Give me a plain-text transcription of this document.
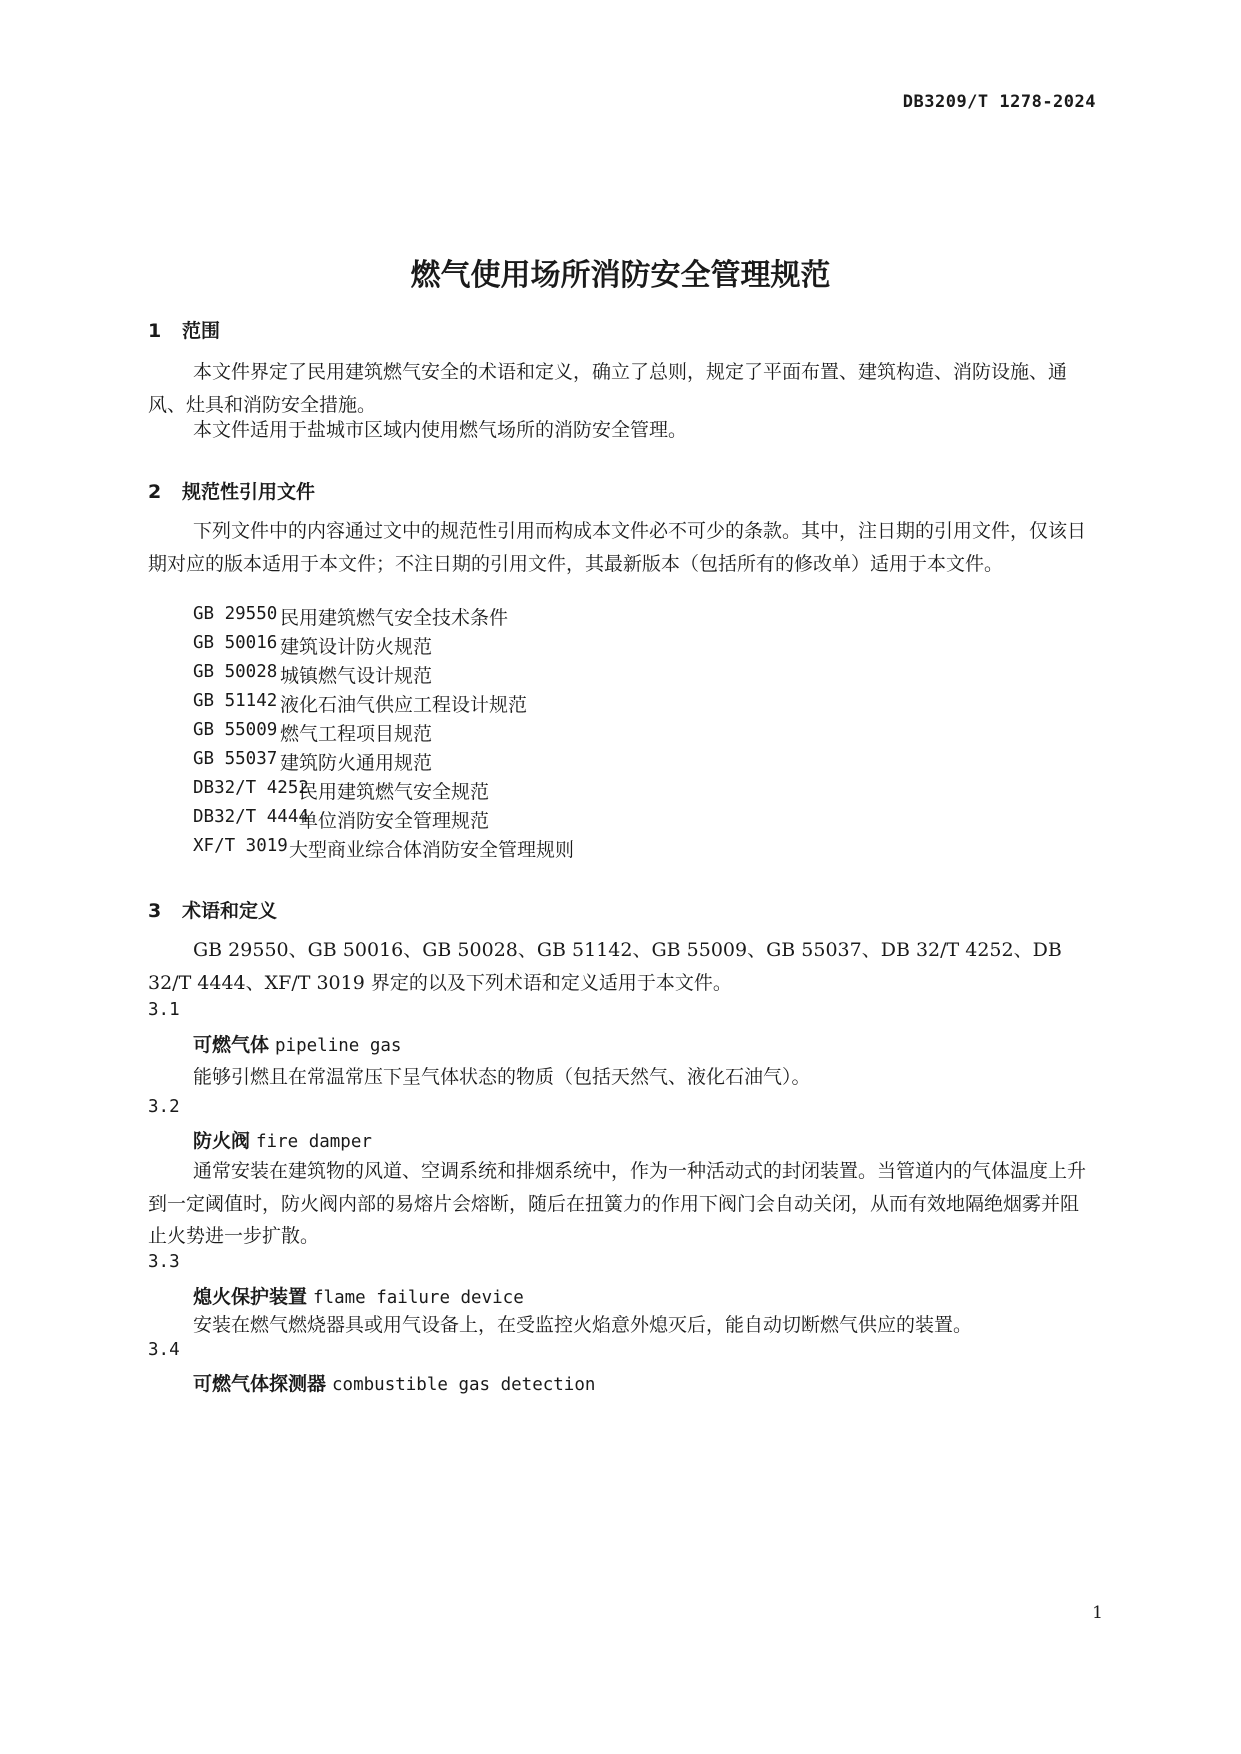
DB3209/T 1278-2024
燃气使用场所消防安全管理规范
1 范围
本文件界定了民用建筑燃气安全的术语和定义，确立了总则，规定了平面布置、建筑构造、消防设施、通风、灶具和消防安全措施。
本文件适用于盐城市区域内使用燃气场所的消防安全管理。
2 规范性引用文件
下列文件中的内容通过文中的规范性引用而构成本文件必不可少的条款。其中，注日期的引用文件，仅该日期对应的版本适用于本文件；不注日期的引用文件，其最新版本（包括所有的修改单）适用于本文件。
GB 29550 民用建筑燃气安全技术条件
GB 50016 建筑设计防火规范
GB 50028 城镇燃气设计规范
GB 51142 液化石油气供应工程设计规范
GB 55009 燃气工程项目规范
GB 55037 建筑防火通用规范
DB32/T 4252
民用建筑燃气安全规范
DB32/T 4444
单位消防安全管理规范
XF/T 3019 大型商业综合体消防安全管理规则
3 术语和定义
GB 29550、GB 50016、GB 50028、GB 51142、GB 55009、GB 55037、DB 32/T 4252、DB 32/T 4444、XF/T 3019 界定的以及下列术语和定义适用于本文件。
3.1
可燃气体 pipeline gas
能够引燃且在常温常压下呈气体状态的物质（包括天然气、液化石油气）。
3.2
防火阀 fire damper
通常安装在建筑物的风道、空调系统和排烟系统中，作为一种活动式的封闭装置。当管道内的气体温度上升到一定阈值时，防火阀内部的易熔片会熔断，随后在扭簧力的作用下阀门会自动关闭，从而有效地隔绝烟雾并阻止火势进一步扩散。
3.3
熄火保护装置 flame failure device
安装在燃气燃烧器具或用气设备上，在受监控火焰意外熄灭后，能自动切断燃气供应的装置。
3.4
可燃气体探测器 combustible gas detection
1
